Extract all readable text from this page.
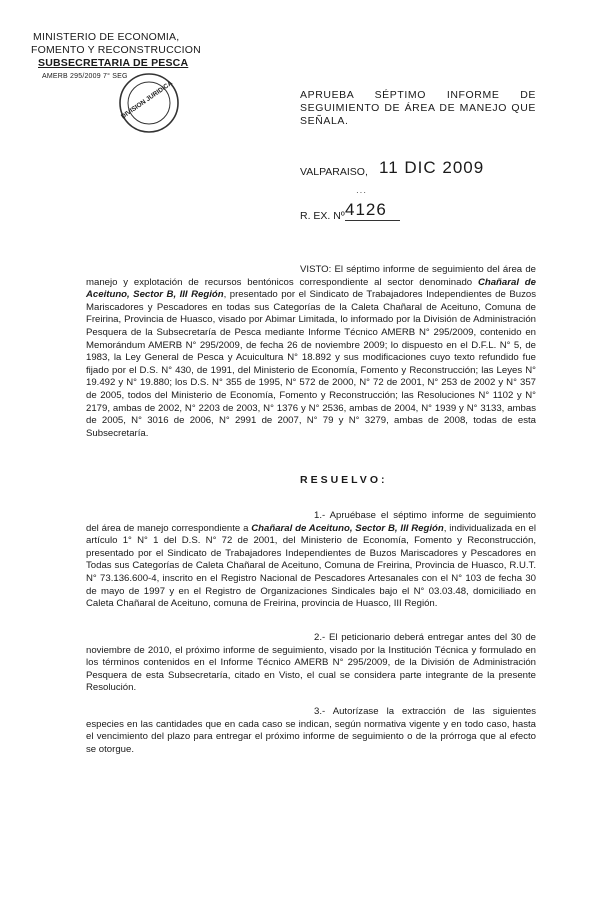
MINISTERIO DE ECONOMIA,
FOMENTO Y RECONSTRUCCION
SUBSECRETARIA DE PESCA
AMERB 295/2009 7° SEG
DIVISION JURIDICA	APRUEBA SÉPTIMO INFORME DE
SEGUIMIENTO DE ÁREA DE MANEJO QUE
SEÑALA.
VALPARAISO, 11 DIC 2009
···
R. EX. Nº 4126

VISTO: El séptimo informe de seguimiento del área de manejo y explotación de recursos bentónicos correspondiente al sector denominado Chañaral de Aceituno, Sector B, III Región, presentado por el Sindicato de Trabajadores Independientes de Buzos Mariscadores y Pescadores en todas sus Categorías de la Caleta Chañaral de Aceituno, Comuna de Freirina, Provincia de Huasco, visado por Abimar Limitada, lo informado por la División de Administración Pesquera de la Subsecretaría de Pesca mediante Informe Técnico AMERB N° 295/2009, contenido en Memorándum AMERB N° 295/2009, de fecha 26 de noviembre 2009; lo dispuesto en el D.F.L. N° 5, de 1983, la Ley General de Pesca y Acuicultura N° 18.892 y sus modificaciones cuyo texto refundido fue fijado por el D.S. N° 430, de 1991, del Ministerio de Economía, Fomento y Reconstrucción; las Leyes N° 19.492 y N° 19.880; los D.S. N° 355 de 1995, N° 572 de 2000, N° 72 de 2001, N° 253 de 2002 y N° 357 de 2005, todos del Ministerio de Economía, Fomento y Reconstrucción; las Resoluciones N° 1102 y N° 2179, ambas de 2002, N° 2203 de 2003, N° 1376 y N° 2536, ambas de 2004, N° 1939 y N° 3133, ambas de 2005, N° 3016 de 2006, N° 2991 de 2007, N° 79 y N° 3279, ambas de 2008, todas de esta Subsecretaría.

RESUELVO:

1.- Apruébase el séptimo informe de seguimiento del área de manejo correspondiente a Chañaral de Aceituno, Sector B, III Región, individualizada en el artículo 1° N° 1 del D.S. N° 72 de 2001, del Ministerio de Economía, Fomento y Reconstrucción, presentado por el Sindicato de Trabajadores Independientes de Buzos Mariscadores y Pescadores en Todas sus Categorías de Caleta Chañaral de Aceituno, Comuna de Freirina, Provincia de Huasco, R.U.T. N° 73.136.600-4, inscrito en el Registro Nacional de Pescadores Artesanales con el N° 103 de fecha 30 de mayo de 1997 y en el Registro de Organizaciones Sindicales bajo el N° 03.03.48, domiciliado en Caleta Chañaral de Aceituno, comuna de Freirina, provincia de Huasco, III Región.

2.- El peticionario deberá entregar antes del 30 de noviembre de 2010, el próximo informe de seguimiento, visado por la Institución Técnica y formulado en los términos contenidos en el Informe Técnico AMERB N° 295/2009, de la División de Administración Pesquera de esta Subsecretaría, citado en Visto, el cual se considera parte integrante de la presente Resolución.

3.- Autorízase la extracción de las siguientes especies en las cantidades que en cada caso se indican, según normativa vigente y en todo caso, hasta el vencimiento del plazo para entregar el próximo informe de seguimiento o de la prórroga que al efecto se otorgue.
